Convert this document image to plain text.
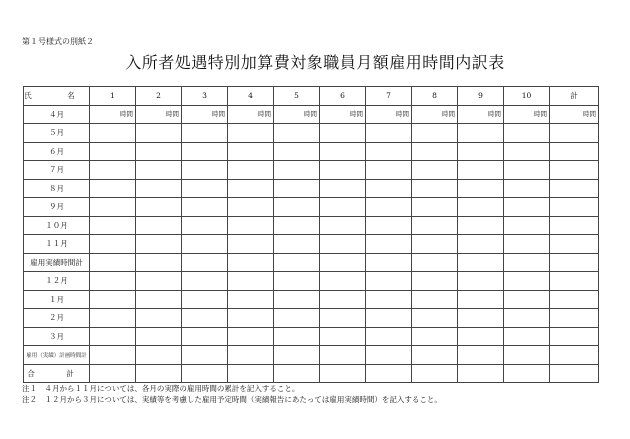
第１号様式の別紙２
入所者処遇特別加算費対象職員月額雇用時間内訳表
氏　名	1	2	3	4	5	6	7	8	9	10	計
４月	時間	時間	時間	時間	時間	時間	時間	時間	時間	時間	時間

５月											
６月											
７月											
８月											
９月											
１０月											
１１月											
雇用実績時間計											
１２月											
１月											
２月											
３月											
雇用（実績）計画時間計											
合　計											
注１　４月から１１月については、各月の実際の雇用時間の累計を記入すること。
注２　１２月から３月については、実績等を考慮した雇用予定時間（実績報告にあたっては雇用実績時間）を記入すること。
